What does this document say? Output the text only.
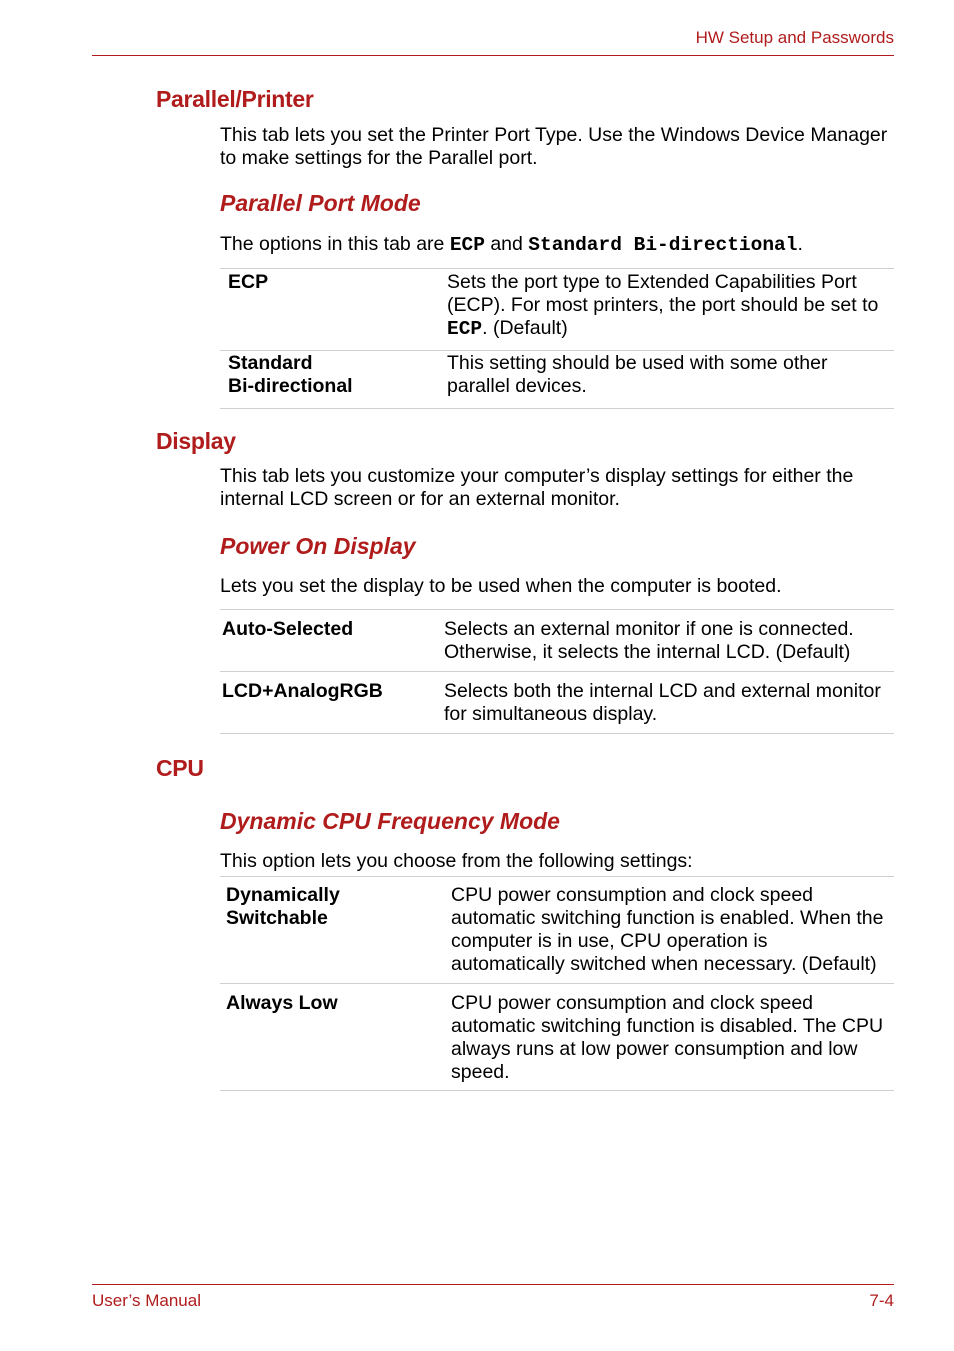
HW Setup and Passwords
Parallel/Printer
This tab lets you set the Printer Port Type. Use the Windows Device Manager to make settings for the Parallel port.
Parallel Port Mode
The options in this tab are ECP and Standard Bi-directional.
ECP	Sets the port type to Extended Capabilities Port (ECP). For most printers, the port should be set to ECP. (Default)

Standard
Bi-directional	This setting should be used with some other parallel devices.
Display
This tab lets you customize your computer’s display settings for either the internal LCD screen or for an external monitor.
Power On Display
Lets you set the display to be used when the computer is booted.
Auto-Selected	Selects an external monitor if one is connected. Otherwise, it selects the internal LCD. (Default)
LCD+AnalogRGB	Selects both the internal LCD and external monitor for simultaneous display.
CPU
Dynamic CPU Frequency Mode
This option lets you choose from the following settings:
Dynamically
Switchable	CPU power consumption and clock speed automatic switching function is enabled. When the computer is in use, CPU operation is automatically switched when necessary. (Default)
Always Low	CPU power consumption and clock speed automatic switching function is disabled. The CPU always runs at low power consumption and low speed.
User’s Manual	7-4
